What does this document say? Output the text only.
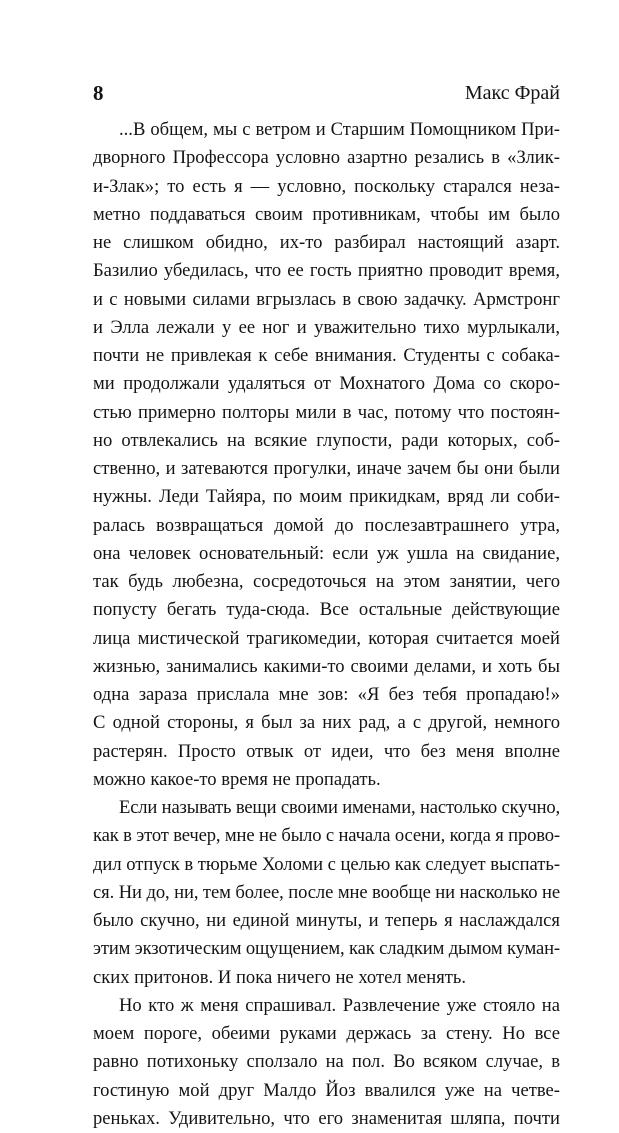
8	Макс Фрай
...В общем, мы с ветром и Старшим Помощником При-
дворного Профессора условно азартно резались в «Злик-
и-Злак»; то есть я — условно, поскольку старался неза-
метно поддаваться своим противникам, чтобы им было
не слишком обидно, их-то разбирал настоящий азарт.
Базилио убедилась, что ее гость приятно проводит время,
и с новыми силами вгрызлась в свою задачку. Армстронг
и Элла лежали у ее ног и уважительно тихо мурлыкали,
почти не привлекая к себе внимания. Студенты с собака-
ми продолжали удаляться от Мохнатого Дома со скоро-
стью примерно полторы мили в час, потому что постоян-
но отвлекались на всякие глупости, ради которых, соб-
ственно, и затеваются прогулки, иначе зачем бы они были
нужны. Леди Тайяра, по моим прикидкам, вряд ли соби-
ралась возвращаться домой до послезавтрашнего утра,
она человек основательный: если уж ушла на свидание,
так будь любезна, сосредоточься на этом занятии, чего
попусту бегать туда-сюда. Все остальные действующие
лица мистической трагикомедии, которая считается моей
жизнью, занимались какими-то своими делами, и хоть бы
одна зараза прислала мне зов: «Я без тебя пропадаю!»
С одной стороны, я был за них рад, а с другой, немного
растерян. Просто отвык от идеи, что без меня вполне
можно какое-то время не пропадать.
Если называть вещи своими именами, настолько скучно,
как в этот вечер, мне не было с начала осени, когда я прово-
дил отпуск в тюрьме Холоми с целью как следует выспать-
ся. Ни до, ни, тем более, после мне вообще ни насколько не
было скучно, ни единой минуты, и теперь я наслаждался
этим экзотическим ощущением, как сладким дымом куман-
ских притонов. И пока ничего не хотел менять.
Но кто ж меня спрашивал. Развлечение уже стояло на
моем пороге, обеими руками держась за стену. Но все
равно потихоньку сползало на пол. Во всяком случае, в
гостиную мой друг Малдо Йоз ввалился уже на четве-
реньках. Удивительно, что его знаменитая шляпа, почти
